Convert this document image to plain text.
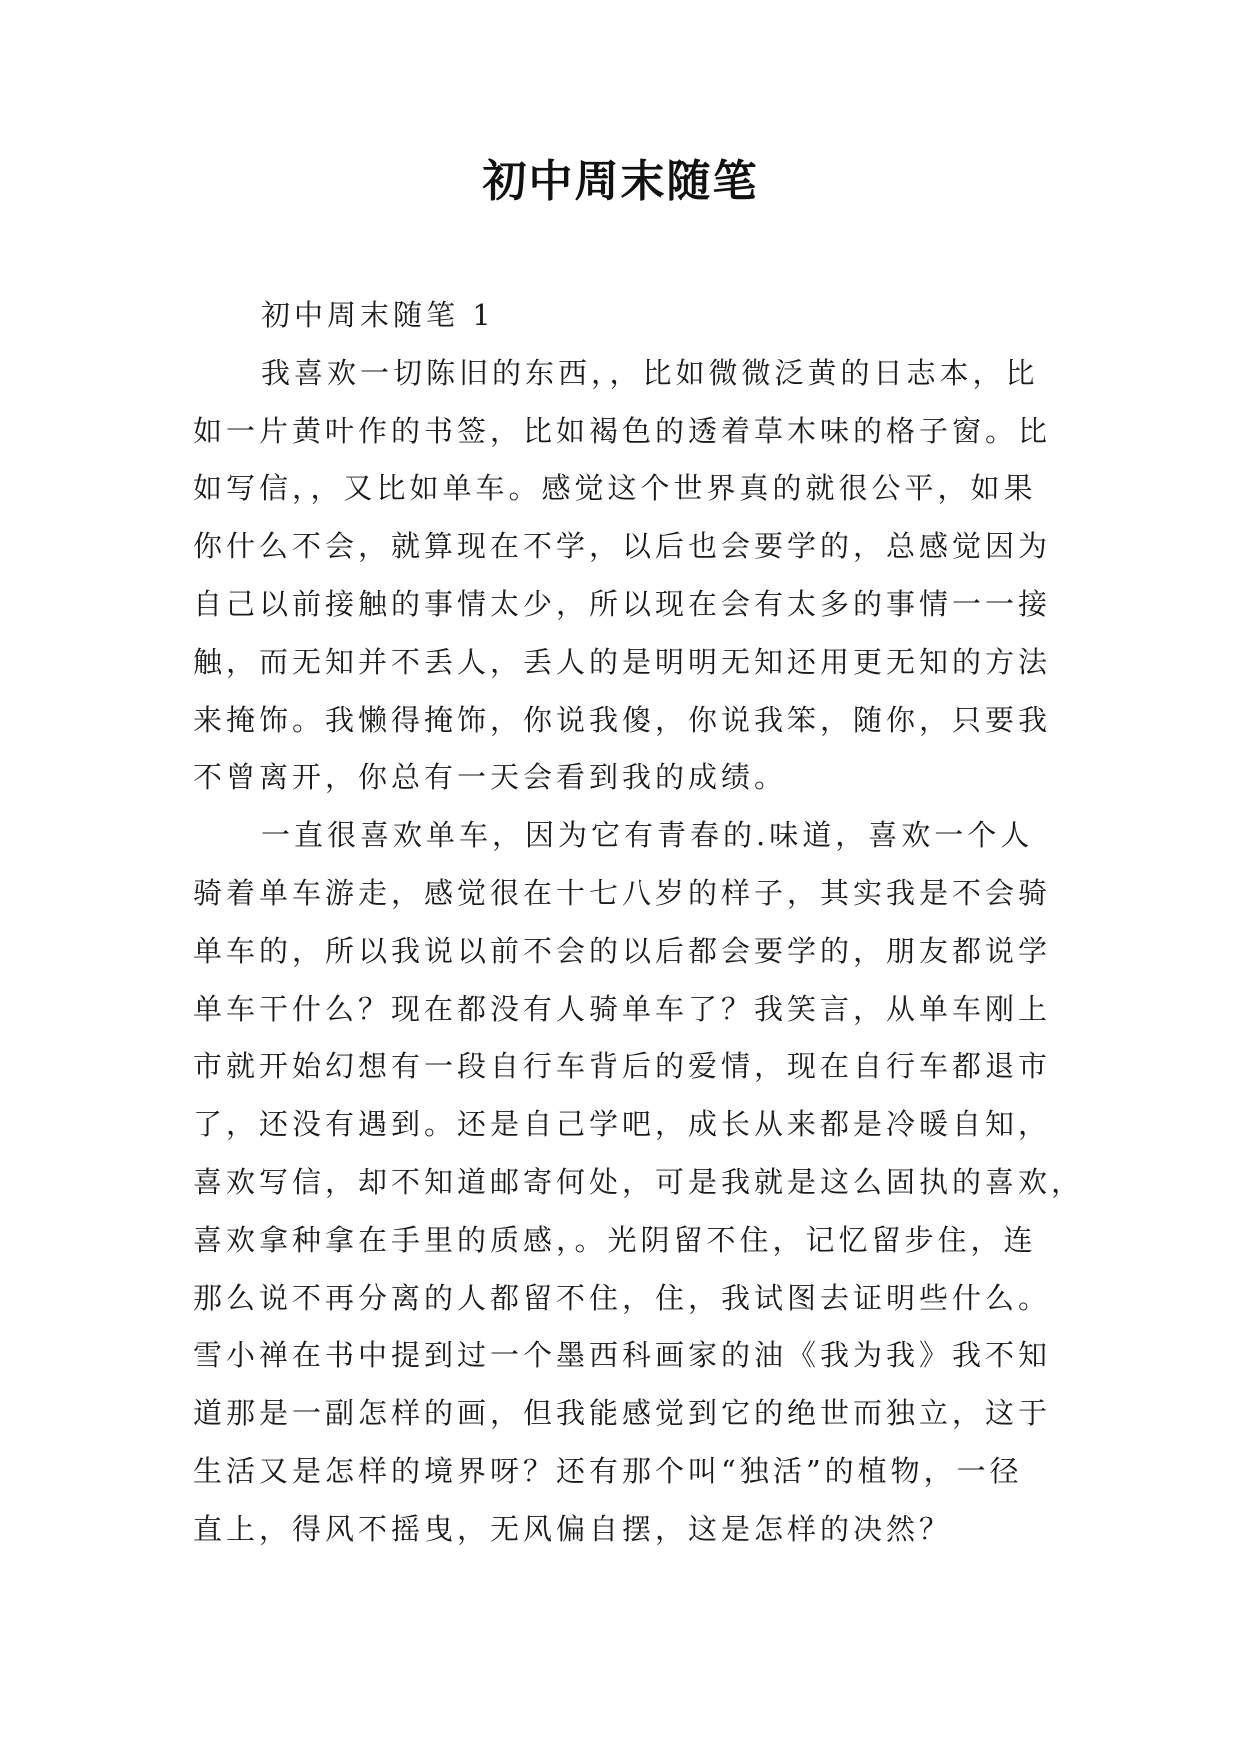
初中周末随笔
初中周末随笔 1
我喜欢一切陈旧的东西，，比如微微泛黄的日志本，比
如一片黄叶作的书签，比如褐色的透着草木味的格子窗。比
如写信，，又比如单车。感觉这个世界真的就很公平，如果
你什么不会，就算现在不学，以后也会要学的，总感觉因为
自己以前接触的事情太少，所以现在会有太多的事情一一接
触，而无知并不丢人，丢人的是明明无知还用更无知的方法
来掩饰。我懒得掩饰，你说我傻，你说我笨，随你，只要我
不曾离开，你总有一天会看到我的成绩。
一直很喜欢单车，因为它有青春的.味道，喜欢一个人
骑着单车游走，感觉很在十七八岁的样子，其实我是不会骑
单车的，所以我说以前不会的以后都会要学的，朋友都说学
单车干什么？现在都没有人骑单车了？我笑言，从单车刚上
市就开始幻想有一段自行车背后的爱情，现在自行车都退市
了，还没有遇到。还是自己学吧，成长从来都是冷暖自知，
喜欢写信，却不知道邮寄何处，可是我就是这么固执的喜欢，
喜欢拿种拿在手里的质感，。光阴留不住，记忆留步住，连
那么说不再分离的人都留不住，住，我试图去证明些什么。
雪小禅在书中提到过一个墨西科画家的油《我为我》我不知
道那是一副怎样的画，但我能感觉到它的绝世而独立，这于
生活又是怎样的境界呀？还有那个叫“独活”的植物，一径
直上，得风不摇曳，无风偏自摆，这是怎样的决然？
